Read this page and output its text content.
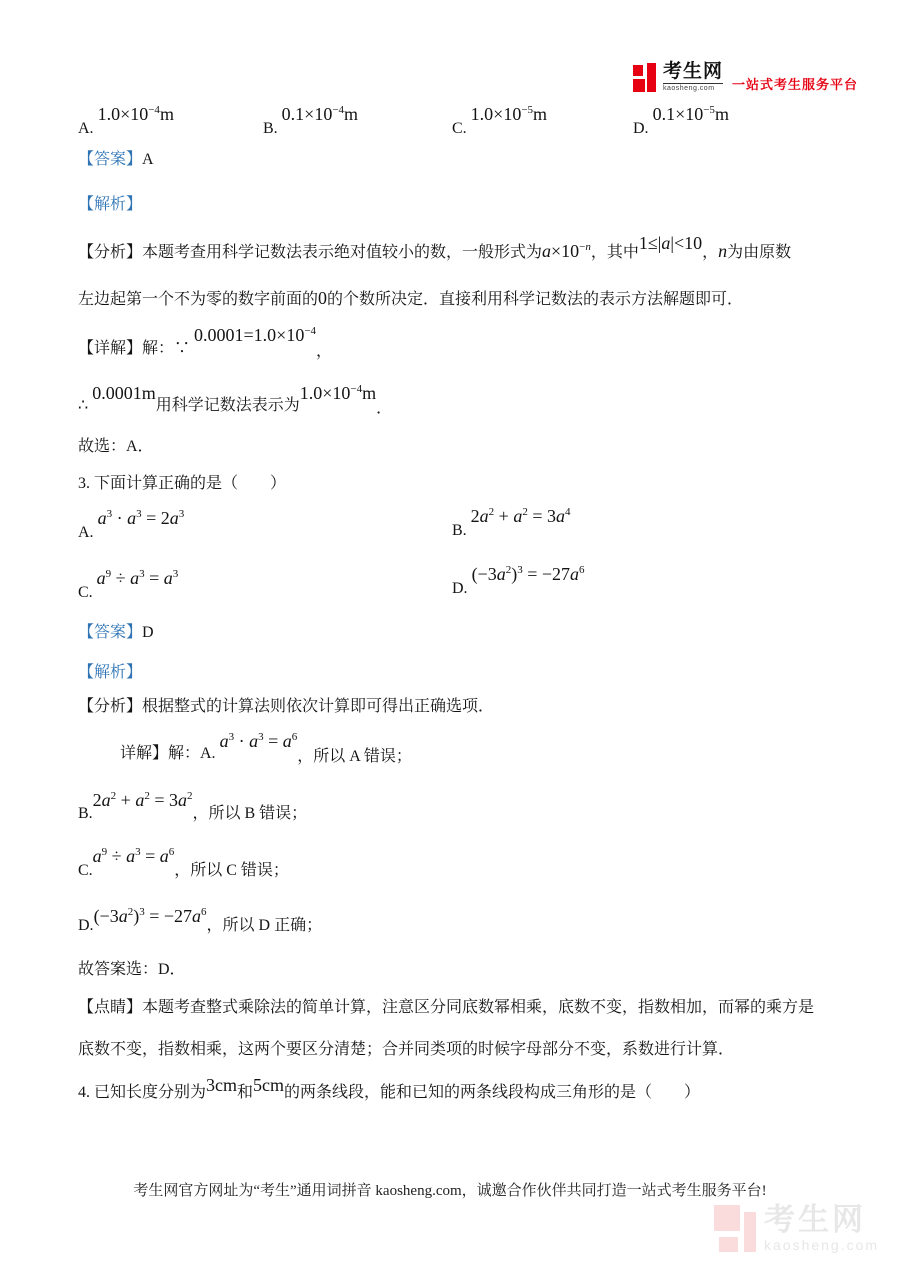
考生网
kaosheng.com	一站式考生服务平台
A. $1.0\times 10^{-4}m$
B. $0.1\times 10^{-4}m$
C. $1.0\times 10^{-5}m$
D. $0.1\times 10^{-5}m$
【答案】A
【解析】
【分析】本题考查用科学记数法表示绝对值较小的数，一般形式为$a\times 10^{-n}$，其中1≤|a|<10，n为由原数
左边起第一个不为零的数字前面的0的个数所决定．直接利用科学记数法的表示方法解题即可．
【详解】解：∵ $0.0001=1.0\times 10^{-4}$，
∴ 0.0001m用科学记数法表示为$1.0\times 10^{-4}m$．
故选：A．
3. 下面计算正确的是（　　）
A. $a^3 \cdot a^3 = 2a^3$
B. $2a^2 + a^2 = 3a^4$
C. $a^9 \div a^3 = a^3$
D. $(-3a^2)^3 = -27a^6$
【答案】D
【解析】
【分析】根据整式的计算法则依次计算即可得出正确选项．
详解】解：A. $a^3 \cdot a^3 = a^6$，所以 A 错误；
$B.2a^2 + a^2 = 3a^2$，所以 B 错误；
$C.a^9 \div a^3 = a^6$，所以 C 错误；
$D.(-3a^2)^3 = -27a^6$，所以 D 正确；
故答案选：D．
【点睛】本题考查整式乘除法的简单计算，注意区分同底数幂相乘，底数不变，指数相加，而幂的乘方是
底数不变，指数相乘，这两个要区分清楚；合并同类项的时候字母部分不变，系数进行计算．
4. 已知长度分别为3cm和5cm的两条线段，能和已知的两条线段构成三角形的是（　　）
考生网官方网址为“考生”通用词拼音 kaosheng.com，诚邀合作伙伴共同打造一站式考生服务平台!
考生网
kaosheng.com
